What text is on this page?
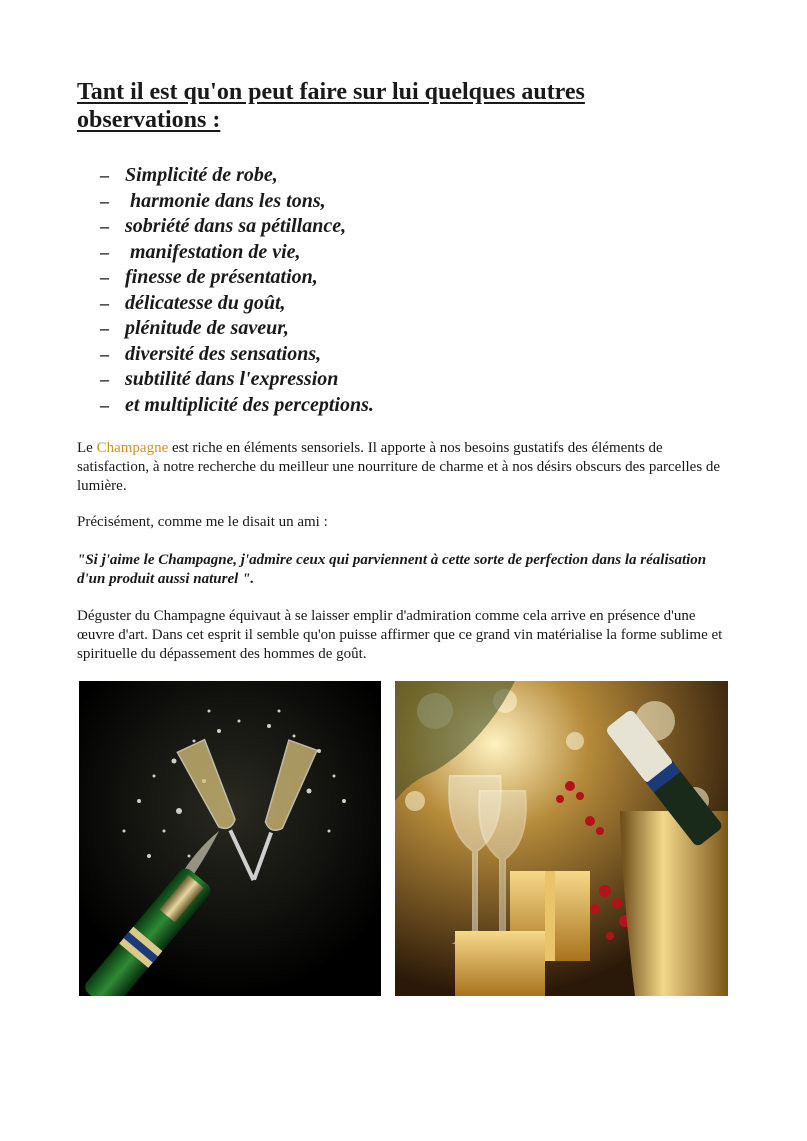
Tant il est qu'on peut faire sur lui quelques autres observations :
– Simplicité de robe,
– harmonie dans les tons,
– sobriété dans sa pétillance,
– manifestation de vie,
– finesse de présentation,
– délicatesse du goût,
– plénitude de saveur,
– diversité des sensations,
– subtilité dans l'expression
– et multiplicité des perceptions.

Le Champagne est riche en éléments sensoriels. Il apporte à nos besoins gustatifs des éléments de satisfaction, à notre recherche du meilleur une nourriture de charme et à nos désirs obscurs des parcelles de lumière.

Précisément, comme me le disait un ami :

"Si j'aime le Champagne, j'admire ceux qui parviennent à cette sorte de perfection dans la réalisation d'un produit aussi naturel ".

Déguster du Champagne équivaut à se laisser emplir d'admiration comme cela arrive en présence d'une œuvre d'art. Dans cet esprit il semble qu'on puisse affirmer que ce grand vin matérialise la forme sublime et spirituelle du dépassement des hommes de goût.
